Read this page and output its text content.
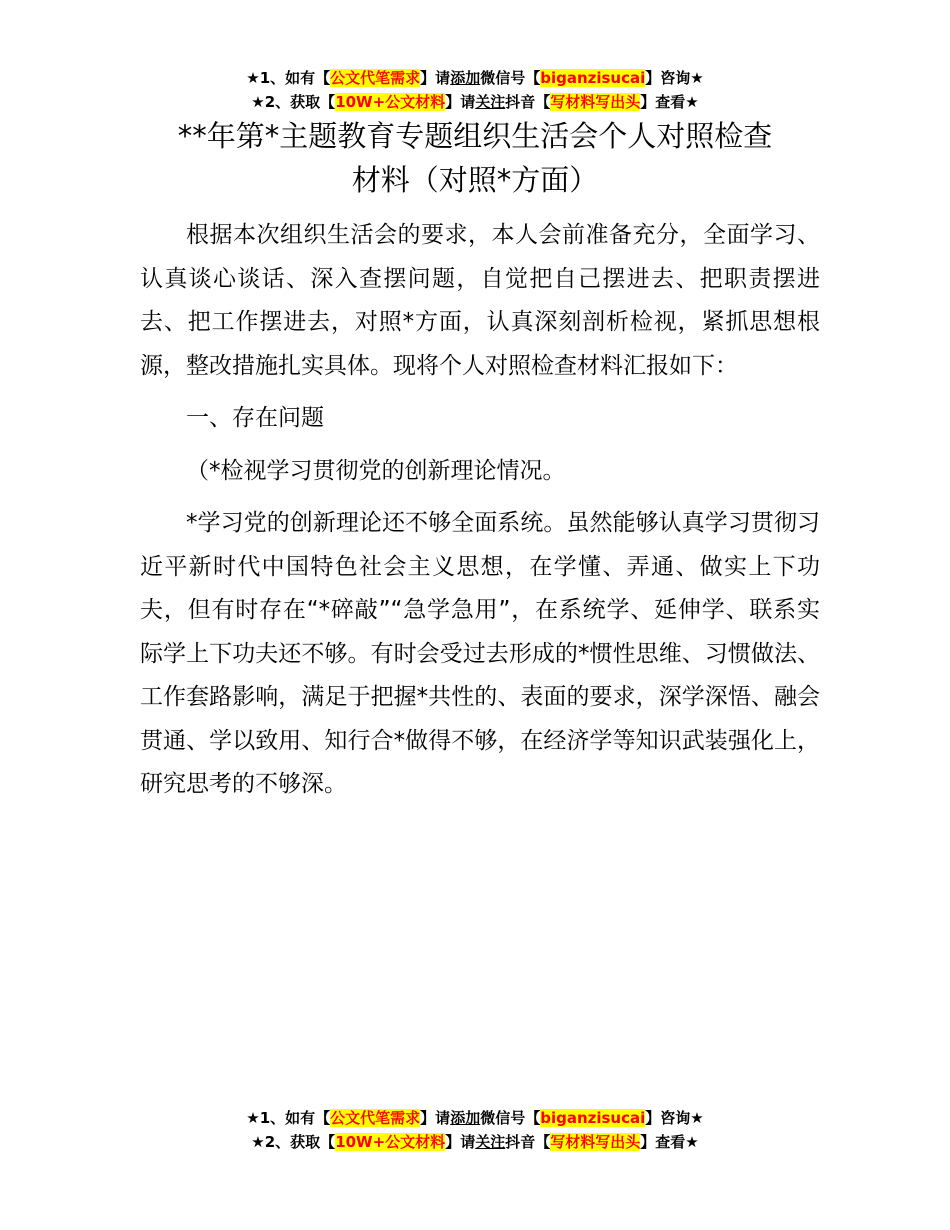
★1、如有【公文代笔需求】请添加微信号【biganzisucai】咨询★
★2、获取【10W+公文材料】请关注抖音【写材料写出头】查看★
**年第*主题教育专题组织生活会个人对照检查
材料（对照*方面）

根据本次组织生活会的要求，本人会前准备充分，全面学习、认真谈心谈话、深入查摆问题，自觉把自己摆进去、把职责摆进去、把工作摆进去，对照*方面，认真深刻剖析检视，紧抓思想根源，整改措施扎实具体。现将个人对照检查材料汇报如下：

一、存在问题

（*检视学习贯彻党的创新理论情况。

*学习党的创新理论还不够全面系统。虽然能够认真学习贯彻习近平新时代中国特色社会主义思想，在学懂、弄通、做实上下功夫，但有时存在“*碎敲”“急学急用”，在系统学、延伸学、联系实际学上下功夫还不够。有时会受过去形成的*惯性思维、习惯做法、工作套路影响，满足于把握*共性的、表面的要求，深学深悟、融会贯通、学以致用、知行合*做得不够，在经济学等知识武装强化上，研究思考的不够深。

★1、如有【公文代笔需求】请添加微信号【biganzisucai】咨询★
★2、获取【10W+公文材料】请关注抖音【写材料写出头】查看★
